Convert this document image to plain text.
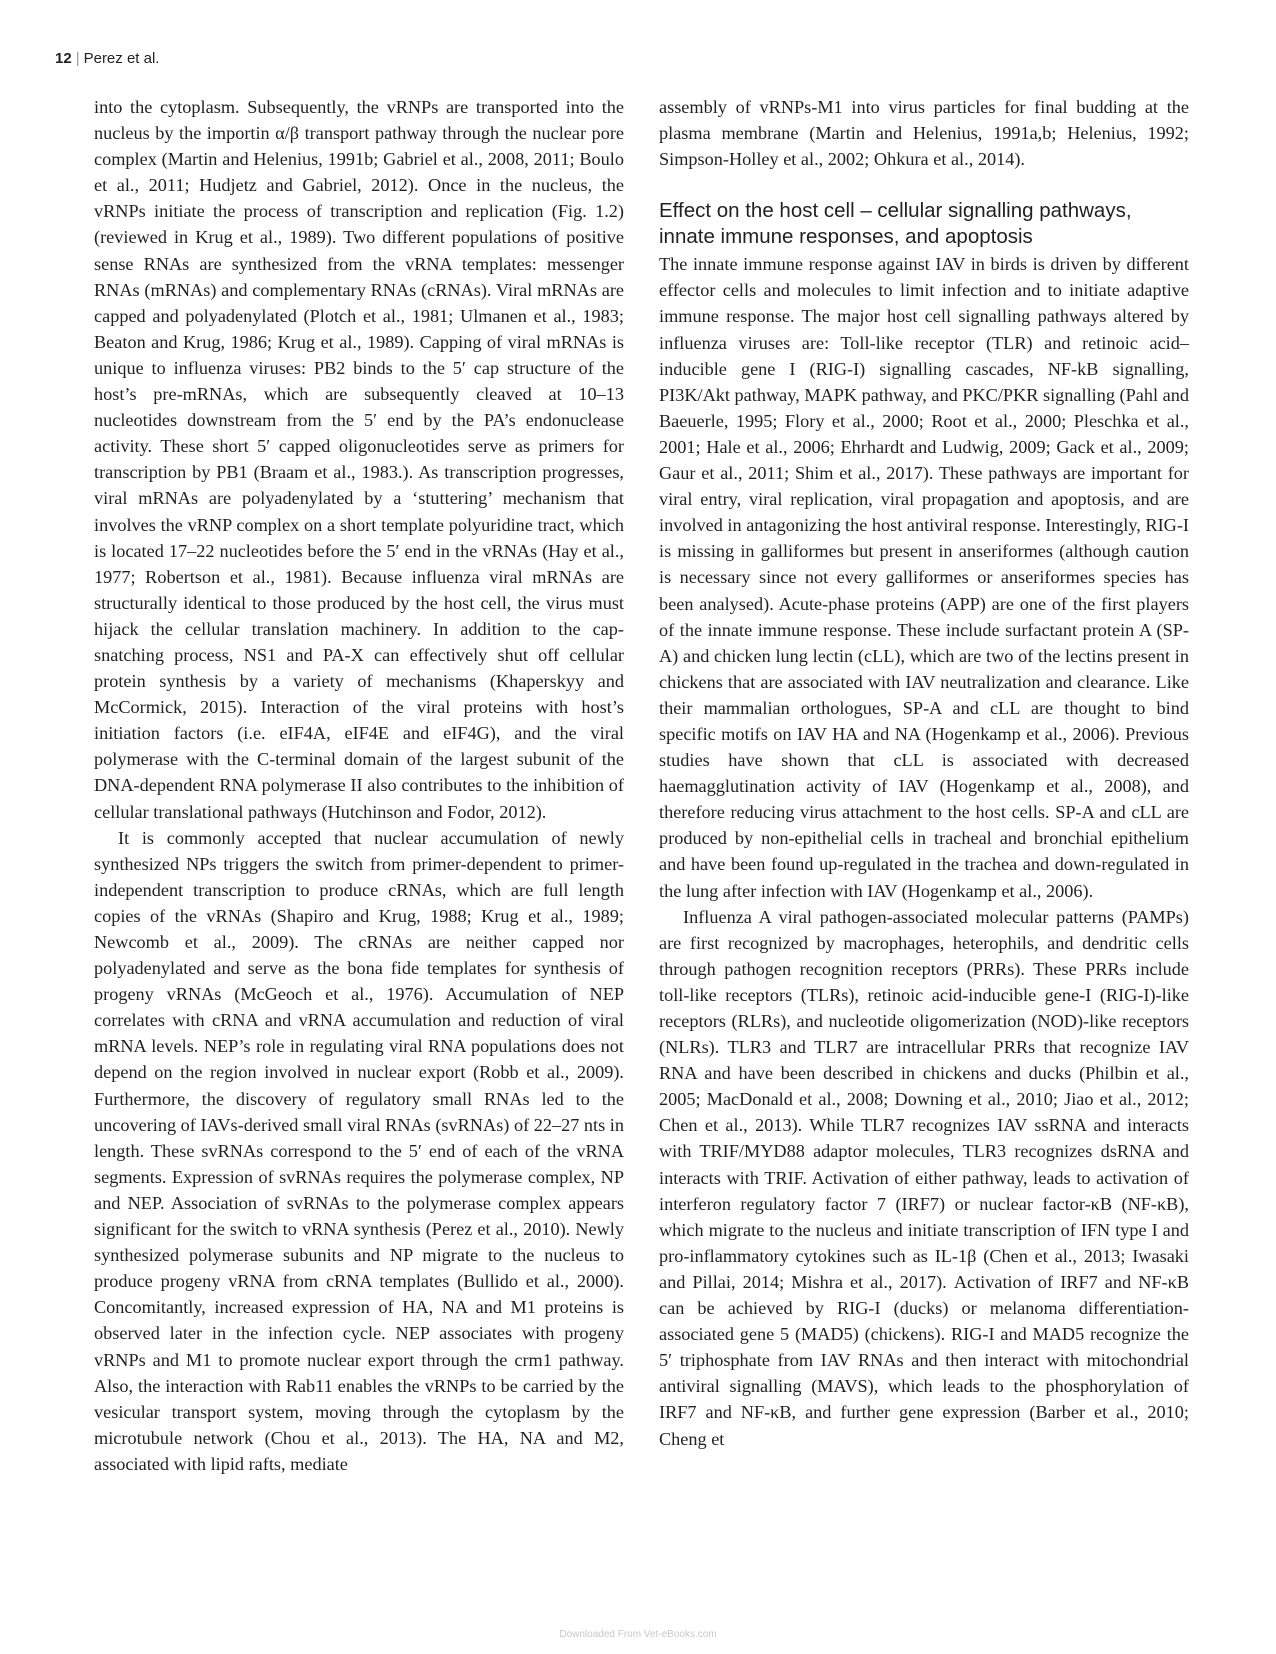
12 | Perez et al.

into the cytoplasm. Subsequently, the vRNPs are transported into the nucleus by the importin α/β transport pathway through the nuclear pore complex (Martin and Helenius, 1991b; Gabriel et al., 2008, 2011; Boulo et al., 2011; Hudjetz and Gabriel, 2012). Once in the nucleus, the vRNPs initiate the process of transcription and replication (Fig. 1.2) (reviewed in Krug et al., 1989). Two different populations of positive sense RNAs are synthesized from the vRNA templates: messenger RNAs (mRNAs) and complementary RNAs (cRNAs). Viral mRNAs are capped and polyadenylated (Plotch et al., 1981; Ulmanen et al., 1983; Beaton and Krug, 1986; Krug et al., 1989). Capping of viral mRNAs is unique to influenza viruses: PB2 binds to the 5′ cap structure of the host’s pre-mRNAs, which are subsequently cleaved at 10–13 nucleotides downstream from the 5′ end by the PA’s endonuclease activity. These short 5′ capped oligonucleotides serve as primers for transcription by PB1 (Braam et al., 1983.). As transcription progresses, viral mRNAs are polyadenylated by a ‘stuttering’ mechanism that involves the vRNP complex on a short template polyuridine tract, which is located 17–22 nucleotides before the 5′ end in the vRNAs (Hay et al., 1977; Robertson et al., 1981). Because influenza viral mRNAs are structurally identical to those produced by the host cell, the virus must hijack the cellular translation machinery. In addition to the cap-snatching process, NS1 and PA-X can effectively shut off cellular protein synthesis by a variety of mechanisms (Khaperskyy and McCormick, 2015). Interaction of the viral proteins with host’s initiation factors (i.e. eIF4A, eIF4E and eIF4G), and the viral polymerase with the C-terminal domain of the largest subunit of the DNA-dependent RNA polymerase II also contributes to the inhibition of cellular translational pathways (Hutchinson and Fodor, 2012).

It is commonly accepted that nuclear accumulation of newly synthesized NPs triggers the switch from primer-dependent to primer-independent transcription to produce cRNAs, which are full length copies of the vRNAs (Shapiro and Krug, 1988; Krug et al., 1989; Newcomb et al., 2009). The cRNAs are neither capped nor polyadenylated and serve as the bona fide templates for synthesis of progeny vRNAs (McGeoch et al., 1976). Accumulation of NEP correlates with cRNA and vRNA accumulation and reduction of viral mRNA levels. NEP’s role in regulating viral RNA populations does not depend on the region involved in nuclear export (Robb et al., 2009). Furthermore, the discovery of regulatory small RNAs led to the uncovering of IAVs-derived small viral RNAs (svRNAs) of 22–27 nts in length. These svRNAs correspond to the 5′ end of each of the vRNA segments. Expression of svRNAs requires the polymerase complex, NP and NEP. Association of svRNAs to the polymerase complex appears significant for the switch to vRNA synthesis (Perez et al., 2010). Newly synthesized polymerase subunits and NP migrate to the nucleus to produce progeny vRNA from cRNA templates (Bullido et al., 2000). Concomitantly, increased expression of HA, NA and M1 proteins is observed later in the infection cycle. NEP associates with progeny vRNPs and M1 to promote nuclear export through the crm1 pathway. Also, the interaction with Rab11 enables the vRNPs to be carried by the vesicular transport system, moving through the cytoplasm by the microtubule network (Chou et al., 2013). The HA, NA and M2, associated with lipid rafts, mediate

assembly of vRNPs-M1 into virus particles for final budding at the plasma membrane (Martin and Helenius, 1991a,b; Helenius, 1992; Simpson-Holley et al., 2002; Ohkura et al., 2014).

Effect on the host cell – cellular signalling pathways, innate immune responses, and apoptosis

The innate immune response against IAV in birds is driven by different effector cells and molecules to limit infection and to initiate adaptive immune response. The major host cell signalling pathways altered by influenza viruses are: Toll-like receptor (TLR) and retinoic acid– inducible gene I (RIG-I) signalling cascades, NF-kB signalling, PI3K/Akt pathway, MAPK pathway, and PKC/PKR signalling (Pahl and Baeuerle, 1995; Flory et al., 2000; Root et al., 2000; Pleschka et al., 2001; Hale et al., 2006; Ehrhardt and Ludwig, 2009; Gack et al., 2009; Gaur et al., 2011; Shim et al., 2017). These pathways are important for viral entry, viral replication, viral propagation and apoptosis, and are involved in antagonizing the host antiviral response. Interestingly, RIG-I is missing in galliformes but present in anseriformes (although caution is necessary since not every galliformes or anseriformes species has been analysed). Acute-phase proteins (APP) are one of the first players of the innate immune response. These include surfactant protein A (SP-A) and chicken lung lectin (cLL), which are two of the lectins present in chickens that are associated with IAV neutralization and clearance. Like their mammalian orthologues, SP-A and cLL are thought to bind specific motifs on IAV HA and NA (Hogenkamp et al., 2006). Previous studies have shown that cLL is associated with decreased haemagglutination activity of IAV (Hogenkamp et al., 2008), and therefore reducing virus attachment to the host cells. SP-A and cLL are produced by non-epithelial cells in tracheal and bronchial epithelium and have been found up-regulated in the trachea and down-regulated in the lung after infection with IAV (Hogenkamp et al., 2006).

Influenza A viral pathogen-associated molecular patterns (PAMPs) are first recognized by macrophages, heterophils, and dendritic cells through pathogen recognition receptors (PRRs). These PRRs include toll-like receptors (TLRs), retinoic acid-inducible gene-I (RIG-I)-like receptors (RLRs), and nucleotide oligomerization (NOD)-like receptors (NLRs). TLR3 and TLR7 are intracellular PRRs that recognize IAV RNA and have been described in chickens and ducks (Philbin et al., 2005; MacDonald et al., 2008; Downing et al., 2010; Jiao et al., 2012; Chen et al., 2013). While TLR7 recognizes IAV ssRNA and interacts with TRIF/MYD88 adaptor molecules, TLR3 recognizes dsRNA and interacts with TRIF. Activation of either pathway, leads to activation of interferon regulatory factor 7 (IRF7) or nuclear factor-κB (NF-κB), which migrate to the nucleus and initiate transcription of IFN type I and pro-inflammatory cytokines such as IL-1β (Chen et al., 2013; Iwasaki and Pillai, 2014; Mishra et al., 2017). Activation of IRF7 and NF-κB can be achieved by RIG-I (ducks) or melanoma differentiation-associated gene 5 (MAD5) (chickens). RIG-I and MAD5 recognize the 5′ triphosphate from IAV RNAs and then interact with mitochondrial antiviral signalling (MAVS), which leads to the phosphorylation of IRF7 and NF-κB, and further gene expression (Barber et al., 2010; Cheng et

Downloaded From Vet-eBooks.com
